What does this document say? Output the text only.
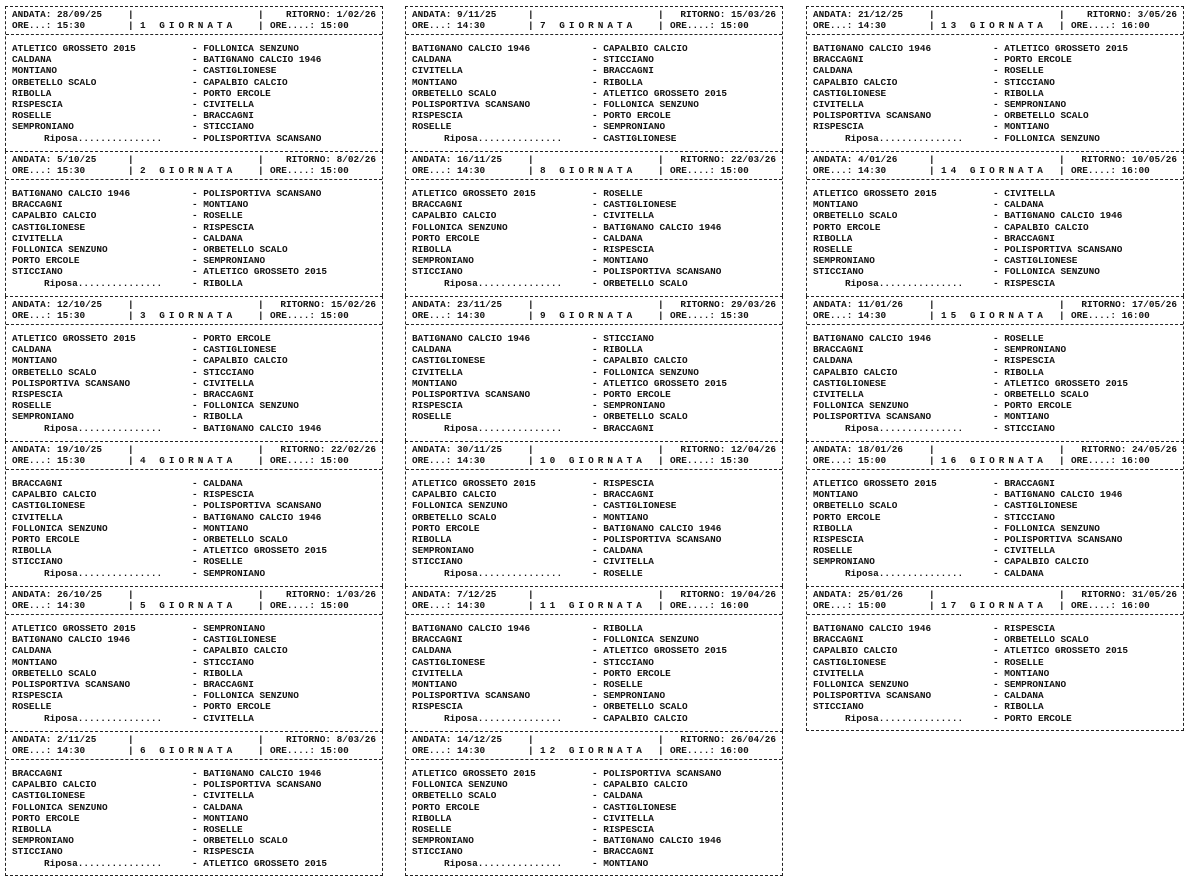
ANDATA: 28/09/25	|	| RITORNO: 1/02/26
ORE...: 15:30	| 1 GIORNATA | ORE....: 15:00
ATLETICO GROSSETO 2015	- FOLLONICA SENZUNO
CALDANA	- BATIGNANO CALCIO 1946
MONTIANO	- CASTIGLIONESE
ORBETELLO SCALO	- CAPALBIO CALCIO
RIBOLLA	- PORTO ERCOLE
RISPESCIA	- CIVITELLA
ROSELLE	- BRACCAGNI
SEMPRONIANO	- STICCIANO
Riposa...............	- POLISPORTIVA SCANSANO
ANDATA: 5/10/25	|	| RITORNO: 8/02/26
ORE...: 15:30	| 2 GIORNATA | ORE....: 15:00
BATIGNANO CALCIO 1946	- POLISPORTIVA SCANSANO
BRACCAGNI	- MONTIANO
CAPALBIO CALCIO	- ROSELLE
CASTIGLIONESE	- RISPESCIA
CIVITELLA	- CALDANA
FOLLONICA SENZUNO	- ORBETELLO SCALO
PORTO ERCOLE	- SEMPRONIANO
STICCIANO	- ATLETICO GROSSETO 2015
Riposa...............	- RIBOLLA
ANDATA: 12/10/25	|	| RITORNO: 15/02/26
ORE...: 15:30	| 3 GIORNATA | ORE....: 15:00
ATLETICO GROSSETO 2015	- PORTO ERCOLE
CALDANA	- CASTIGLIONESE
MONTIANO	- CAPALBIO CALCIO
ORBETELLO SCALO	- STICCIANO
POLISPORTIVA SCANSANO	- CIVITELLA
RISPESCIA	- BRACCAGNI
ROSELLE	- FOLLONICA SENZUNO
SEMPRONIANO	- RIBOLLA
Riposa...............	- BATIGNANO CALCIO 1946
ANDATA: 19/10/25	|	| RITORNO: 22/02/26
ORE...: 15:30	| 4 GIORNATA | ORE....: 15:00
BRACCAGNI	- CALDANA
CAPALBIO CALCIO	- RISPESCIA
CASTIGLIONESE	- POLISPORTIVA SCANSANO
CIVITELLA	- BATIGNANO CALCIO 1946
FOLLONICA SENZUNO	- MONTIANO
PORTO ERCOLE	- ORBETELLO SCALO
RIBOLLA	- ATLETICO GROSSETO 2015
STICCIANO	- ROSELLE
Riposa...............	- SEMPRONIANO
ANDATA: 26/10/25	|	| RITORNO: 1/03/26
ORE...: 14:30	| 5 GIORNATA | ORE....: 15:00
ATLETICO GROSSETO 2015	- SEMPRONIANO
BATIGNANO CALCIO 1946	- CASTIGLIONESE
CALDANA	- CAPALBIO CALCIO
MONTIANO	- STICCIANO
ORBETELLO SCALO	- RIBOLLA
POLISPORTIVA SCANSANO	- BRACCAGNI
RISPESCIA	- FOLLONICA SENZUNO
ROSELLE	- PORTO ERCOLE
Riposa...............	- CIVITELLA
ANDATA: 2/11/25	|	| RITORNO: 8/03/26
ORE...: 14:30	| 6 GIORNATA | ORE....: 15:00
BRACCAGNI	- BATIGNANO CALCIO 1946
CAPALBIO CALCIO	- POLISPORTIVA SCANSANO
CASTIGLIONESE	- CIVITELLA
FOLLONICA SENZUNO	- CALDANA
PORTO ERCOLE	- MONTIANO
RIBOLLA	- ROSELLE
SEMPRONIANO	- ORBETELLO SCALO
STICCIANO	- RISPESCIA
Riposa...............	- ATLETICO GROSSETO 2015
ANDATA: 9/11/25	|	| RITORNO: 15/03/26
ORE...: 14:30	| 7 GIORNATA | ORE....: 15:00
BATIGNANO CALCIO 1946	- CAPALBIO CALCIO
CALDANA	- STICCIANO
CIVITELLA	- BRACCAGNI
MONTIANO	- RIBOLLA
ORBETELLO SCALO	- ATLETICO GROSSETO 2015
POLISPORTIVA SCANSANO	- FOLLONICA SENZUNO
RISPESCIA	- PORTO ERCOLE
ROSELLE	- SEMPRONIANO
Riposa...............	- CASTIGLIONESE
ANDATA: 16/11/25	|	| RITORNO: 22/03/26
ORE...: 14:30	| 8 GIORNATA | ORE....: 15:00
ATLETICO GROSSETO 2015	- ROSELLE
BRACCAGNI	- CASTIGLIONESE
CAPALBIO CALCIO	- CIVITELLA
FOLLONICA SENZUNO	- BATIGNANO CALCIO 1946
PORTO ERCOLE	- CALDANA
RIBOLLA	- RISPESCIA
SEMPRONIANO	- MONTIANO
STICCIANO	- POLISPORTIVA SCANSANO
Riposa...............	- ORBETELLO SCALO
ANDATA: 23/11/25	|	| RITORNO: 29/03/26
ORE...: 14:30	| 9 GIORNATA | ORE....: 15:30
BATIGNANO CALCIO 1946	- STICCIANO
CALDANA	- RIBOLLA
CASTIGLIONESE	- CAPALBIO CALCIO
CIVITELLA	- FOLLONICA SENZUNO
MONTIANO	- ATLETICO GROSSETO 2015
POLISPORTIVA SCANSANO	- PORTO ERCOLE
RISPESCIA	- SEMPRONIANO
ROSELLE	- ORBETELLO SCALO
Riposa...............	- BRACCAGNI
ANDATA: 30/11/25	|	| RITORNO: 12/04/26
ORE...: 14:30	| 10 GIORNATA | ORE....: 15:30
ATLETICO GROSSETO 2015	- RISPESCIA
CAPALBIO CALCIO	- BRACCAGNI
FOLLONICA SENZUNO	- CASTIGLIONESE
ORBETELLO SCALO	- MONTIANO
PORTO ERCOLE	- BATIGNANO CALCIO 1946
RIBOLLA	- POLISPORTIVA SCANSANO
SEMPRONIANO	- CALDANA
STICCIANO	- CIVITELLA
Riposa...............	- ROSELLE
ANDATA: 7/12/25	|	| RITORNO: 19/04/26
ORE...: 14:30	| 11 GIORNATA | ORE....: 16:00
BATIGNANO CALCIO 1946	- RIBOLLA
BRACCAGNI	- FOLLONICA SENZUNO
CALDANA	- ATLETICO GROSSETO 2015
CASTIGLIONESE	- STICCIANO
CIVITELLA	- PORTO ERCOLE
MONTIANO	- ROSELLE
POLISPORTIVA SCANSANO	- SEMPRONIANO
RISPESCIA	- ORBETELLO SCALO
Riposa...............	- CAPALBIO CALCIO
ANDATA: 14/12/25	|	| RITORNO: 26/04/26
ORE...: 14:30	| 12 GIORNATA | ORE....: 16:00
ATLETICO GROSSETO 2015	- POLISPORTIVA SCANSANO
FOLLONICA SENZUNO	- CAPALBIO CALCIO
ORBETELLO SCALO	- CALDANA
PORTO ERCOLE	- CASTIGLIONESE
RIBOLLA	- CIVITELLA
ROSELLE	- RISPESCIA
SEMPRONIANO	- BATIGNANO CALCIO 1946
STICCIANO	- BRACCAGNI
Riposa...............	- MONTIANO
ANDATA: 21/12/25	|	| RITORNO: 3/05/26
ORE...: 14:30	| 13 GIORNATA | ORE....: 16:00
BATIGNANO CALCIO 1946	- ATLETICO GROSSETO 2015
BRACCAGNI	- PORTO ERCOLE
CALDANA	- ROSELLE
CAPALBIO CALCIO	- STICCIANO
CASTIGLIONESE	- RIBOLLA
CIVITELLA	- SEMPRONIANO
POLISPORTIVA SCANSANO	- ORBETELLO SCALO
RISPESCIA	- MONTIANO
Riposa...............	- FOLLONICA SENZUNO
ANDATA: 4/01/26	|	| RITORNO: 10/05/26
ORE...: 14:30	| 14 GIORNATA | ORE....: 16:00
ATLETICO GROSSETO 2015	- CIVITELLA
MONTIANO	- CALDANA
ORBETELLO SCALO	- BATIGNANO CALCIO 1946
PORTO ERCOLE	- CAPALBIO CALCIO
RIBOLLA	- BRACCAGNI
ROSELLE	- POLISPORTIVA SCANSANO
SEMPRONIANO	- CASTIGLIONESE
STICCIANO	- FOLLONICA SENZUNO
Riposa...............	- RISPESCIA
ANDATA: 11/01/26	|	| RITORNO: 17/05/26
ORE...: 14:30	| 15 GIORNATA | ORE....: 16:00
BATIGNANO CALCIO 1946	- ROSELLE
BRACCAGNI	- SEMPRONIANO
CALDANA	- RISPESCIA
CAPALBIO CALCIO	- RIBOLLA
CASTIGLIONESE	- ATLETICO GROSSETO 2015
CIVITELLA	- ORBETELLO SCALO
FOLLONICA SENZUNO	- PORTO ERCOLE
POLISPORTIVA SCANSANO	- MONTIANO
Riposa...............	- STICCIANO
ANDATA: 18/01/26	|	| RITORNO: 24/05/26
ORE...: 15:00	| 16 GIORNATA | ORE....: 16:00
ATLETICO GROSSETO 2015	- BRACCAGNI
MONTIANO	- BATIGNANO CALCIO 1946
ORBETELLO SCALO	- CASTIGLIONESE
PORTO ERCOLE	- STICCIANO
RIBOLLA	- FOLLONICA SENZUNO
RISPESCIA	- POLISPORTIVA SCANSANO
ROSELLE	- CIVITELLA
SEMPRONIANO	- CAPALBIO CALCIO
Riposa...............	- CALDANA
ANDATA: 25/01/26	|	| RITORNO: 31/05/26
ORE...: 15:00	| 17 GIORNATA | ORE....: 16:00
BATIGNANO CALCIO 1946	- RISPESCIA
BRACCAGNI	- ORBETELLO SCALO
CAPALBIO CALCIO	- ATLETICO GROSSETO 2015
CASTIGLIONESE	- ROSELLE
CIVITELLA	- MONTIANO
FOLLONICA SENZUNO	- SEMPRONIANO
POLISPORTIVA SCANSANO	- CALDANA
STICCIANO	- RIBOLLA
Riposa...............	- PORTO ERCOLE
